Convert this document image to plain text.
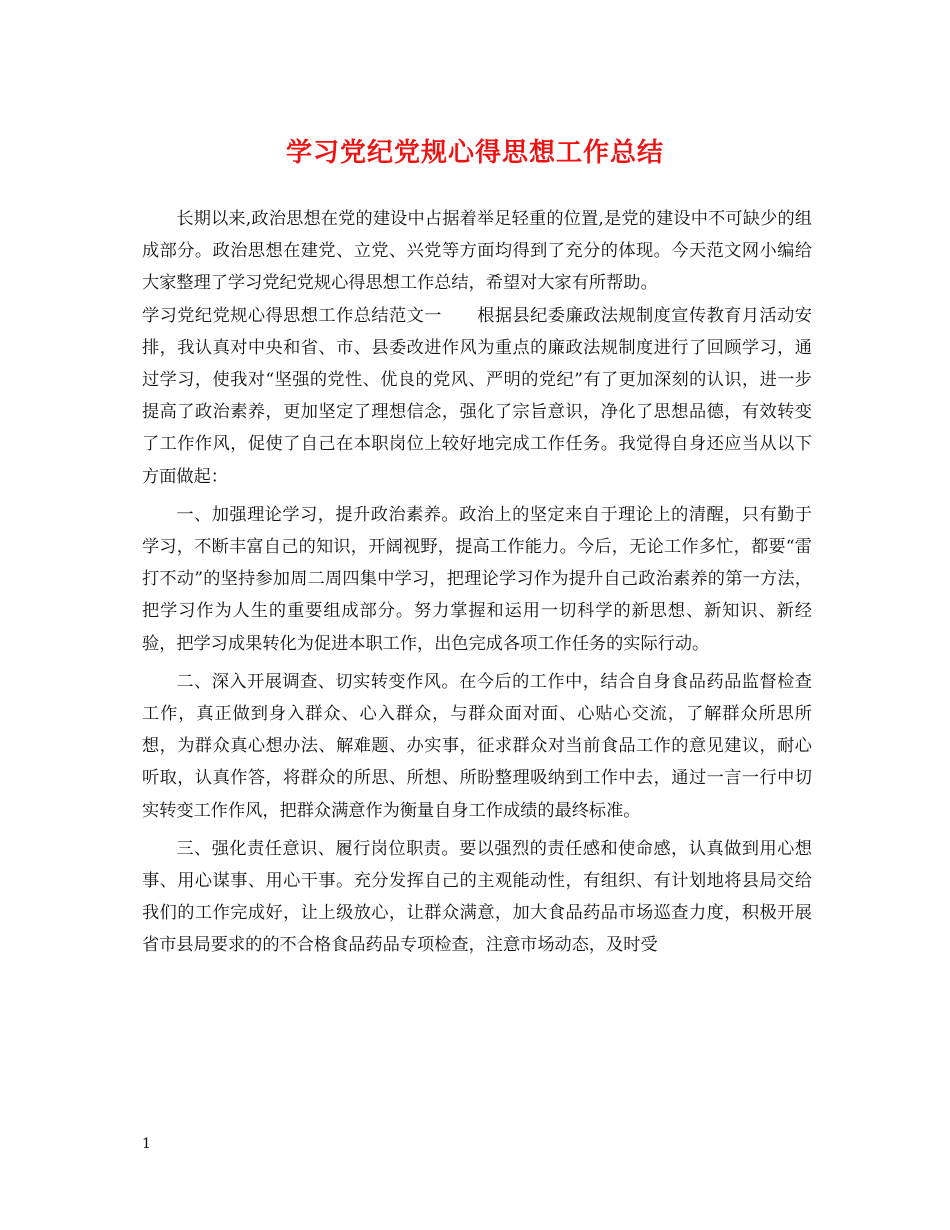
学习党纪党规心得思想工作总结

长期以来,政治思想在党的建设中占据着举足轻重的位置,是党的建设中不可缺少的组成部分。政治思想在建党、立党、兴党等方面均得到了充分的体现。今天范文网小编给大家整理了学习党纪党规心得思想工作总结，希望对大家有所帮助。

学习党纪党规心得思想工作总结范文一　　根据县纪委廉政法规制度宣传教育月活动安排，我认真对中央和省、市、县委改进作风为重点的廉政法规制度进行了回顾学习，通过学习，使我对“坚强的党性、优良的党风、严明的党纪”有了更加深刻的认识，进一步提高了政治素养，更加坚定了理想信念，强化了宗旨意识，净化了思想品德，有效转变了工作作风，促使了自己在本职岗位上较好地完成工作任务。我觉得自身还应当从以下方面做起：

一、加强理论学习，提升政治素养。政治上的坚定来自于理论上的清醒，只有勤于学习，不断丰富自己的知识，开阔视野，提高工作能力。今后，无论工作多忙，都要“雷打不动”的坚持参加周二周四集中学习，把理论学习作为提升自己政治素养的第一方法，把学习作为人生的重要组成部分。努力掌握和运用一切科学的新思想、新知识、新经验，把学习成果转化为促进本职工作，出色完成各项工作任务的实际行动。

二、深入开展调查、切实转变作风。在今后的工作中，结合自身食品药品监督检查工作，真正做到身入群众、心入群众，与群众面对面、心贴心交流，了解群众所思所想，为群众真心想办法、解难题、办实事，征求群众对当前食品工作的意见建议，耐心听取，认真作答，将群众的所思、所想、所盼整理吸纳到工作中去，通过一言一行中切实转变工作作风，把群众满意作为衡量自身工作成绩的最终标准。

三、强化责任意识、履行岗位职责。要以强烈的责任感和使命感，认真做到用心想事、用心谋事、用心干事。充分发挥自己的主观能动性，有组织、有计划地将县局交给我们的工作完成好，让上级放心，让群众满意，加大食品药品市场巡查力度，积极开展省市县局要求的的不合格食品药品专项检查，注意市场动态，及时受

1
